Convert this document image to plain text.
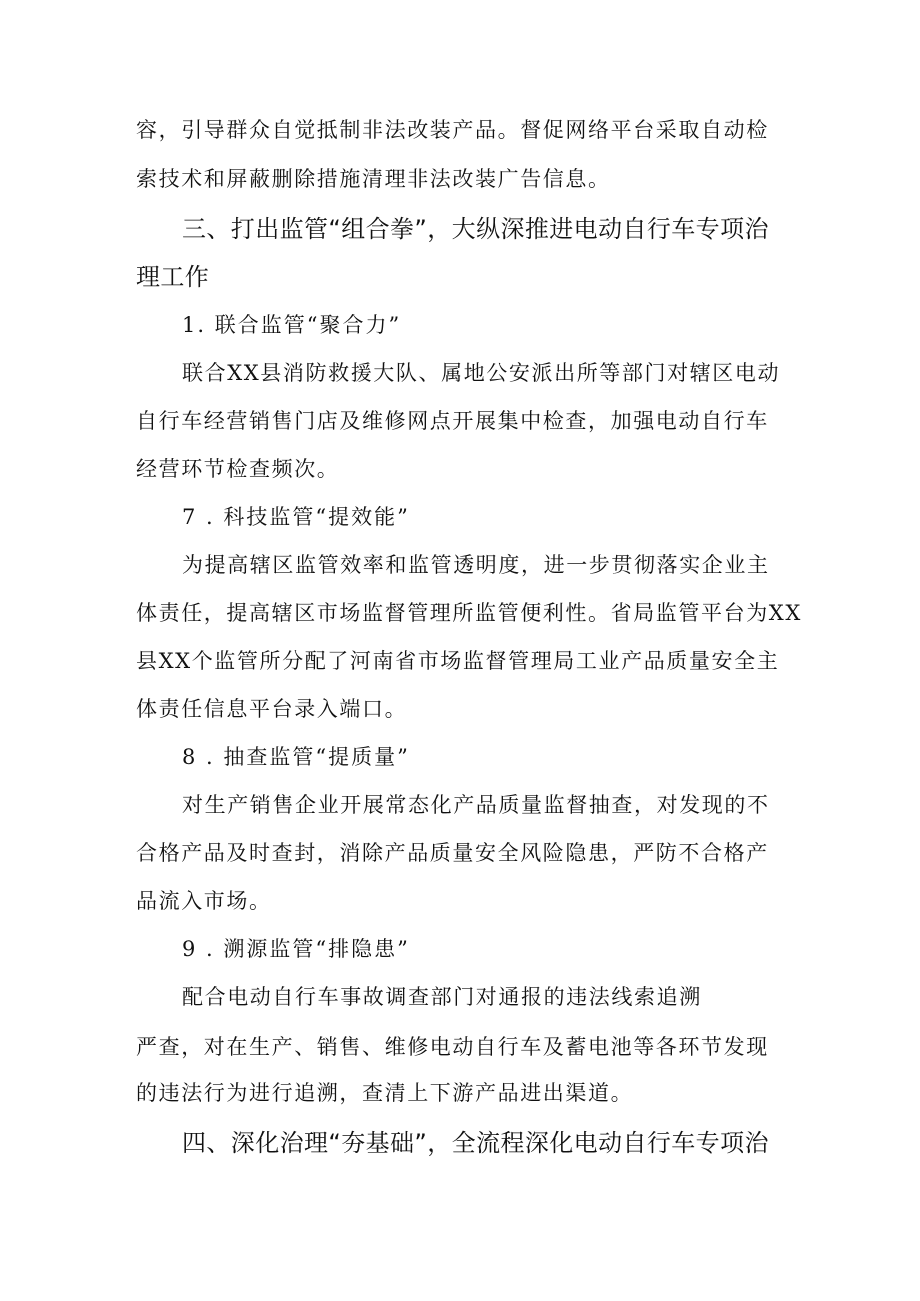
容，引导群众自觉抵制非法改装产品。督促网络平台采取自动检

索技术和屏蔽删除措施清理非法改装广告信息。

三、打出监管“组合拳”，大纵深推进电动自行车专项治

理工作

1. 联合监管“聚合力”

联合XX县消防救援大队、属地公安派出所等部门对辖区电动

自行车经营销售门店及维修网点开展集中检查，加强电动自行车

经营环节检查频次。

7 . 科技监管“提效能”

为提高辖区监管效率和监管透明度，进一步贯彻落实企业主

体责任，提高辖区市场监督管理所监管便利性。省局监管平台为XX

县XX个监管所分配了河南省市场监督管理局工业产品质量安全主

体责任信息平台录入端口。

8 . 抽查监管“提质量”

对生产销售企业开展常态化产品质量监督抽查，对发现的不

合格产品及时查封，消除产品质量安全风险隐患，严防不合格产

品流入市场。

9 . 溯源监管“排隐患”

配合电动自行车事故调查部门对通报的违法线索追溯

严查，对在生产、销售、维修电动自行车及蓄电池等各环节发现

的违法行为进行追溯，查清上下游产品进出渠道。

四、深化治理“夯基础”，全流程深化电动自行车专项治
